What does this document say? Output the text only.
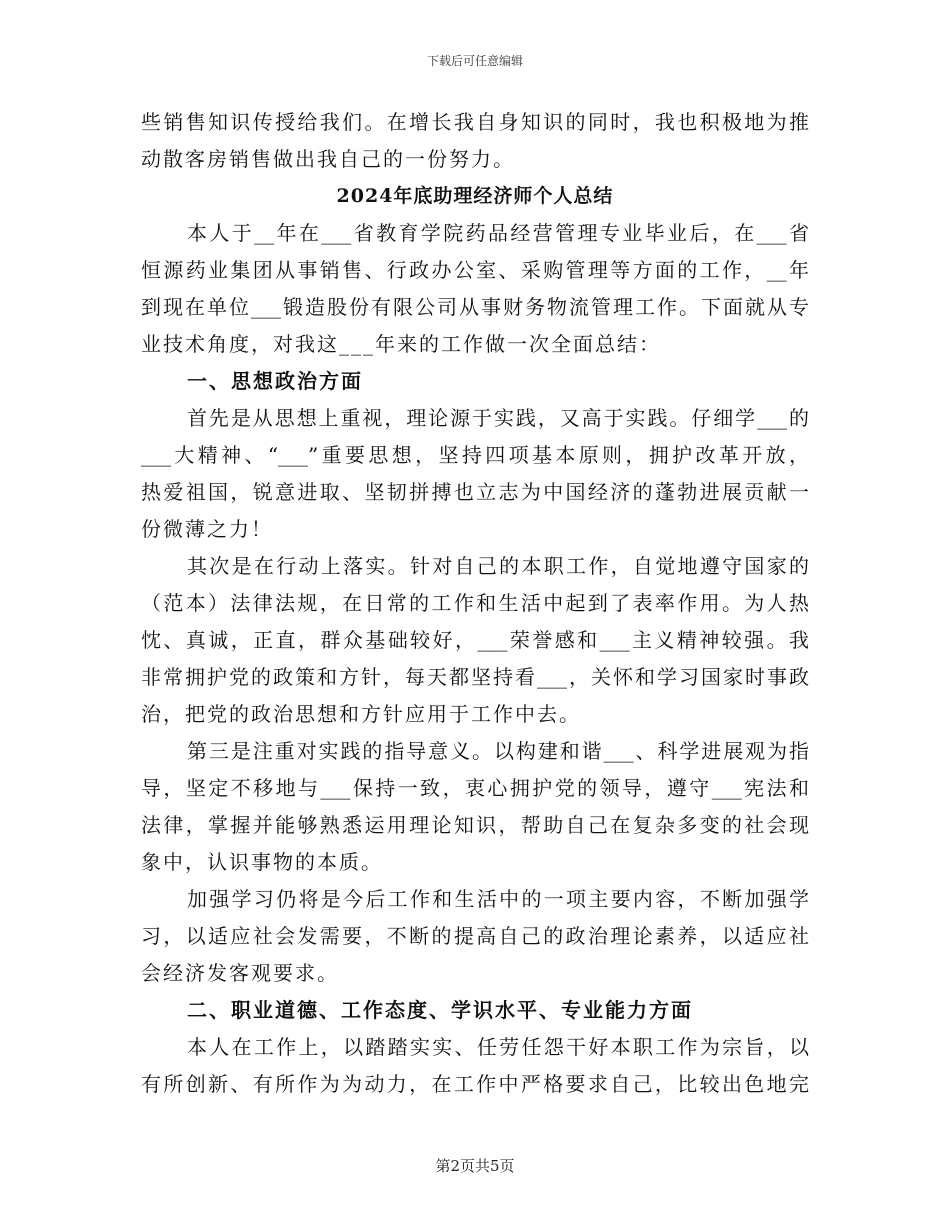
下载后可任意编辑
些销售知识传授给我们。在增长我自身知识的同时，我也积极地为推
动散客房销售做出我自己的一份努力。
2024年底助理经济师个人总结
本人于__年在___省教育学院药品经营管理专业毕业后，在___省
恒源药业集团从事销售、行政办公室、采购管理等方面的工作，__年
到现在单位___锻造股份有限公司从事财务物流管理工作。下面就从专
业技术角度，对我这___年来的工作做一次全面总结：
一、思想政治方面
首先是从思想上重视，理论源于实践，又高于实践。仔细学___的
___大精神、“___”重要思想，坚持四项基本原则，拥护改革开放，
热爱祖国，锐意进取、坚韧拼搏也立志为中国经济的蓬勃进展贡献一
份微薄之力！
其次是在行动上落实。针对自己的本职工作，自觉地遵守国家的
（范本）法律法规，在日常的工作和生活中起到了表率作用。为人热
忱、真诚，正直，群众基础较好，___荣誉感和___主义精神较强。我
非常拥护党的政策和方针，每天都坚持看___，关怀和学习国家时事政
治，把党的政治思想和方针应用于工作中去。
第三是注重对实践的指导意义。以构建和谐___、科学进展观为指
导，坚定不移地与___保持一致，衷心拥护党的领导，遵守___宪法和
法律，掌握并能够熟悉运用理论知识，帮助自己在复杂多变的社会现
象中，认识事物的本质。
加强学习仍将是今后工作和生活中的一项主要内容，不断加强学
习，以适应社会发需要，不断的提高自己的政治理论素养，以适应社
会经济发客观要求。
二、职业道德、工作态度、学识水平、专业能力方面
本人在工作上，以踏踏实实、任劳任怨干好本职工作为宗旨，以
有所创新、有所作为为动力，在工作中严格要求自己，比较出色地完
第2页共5页
